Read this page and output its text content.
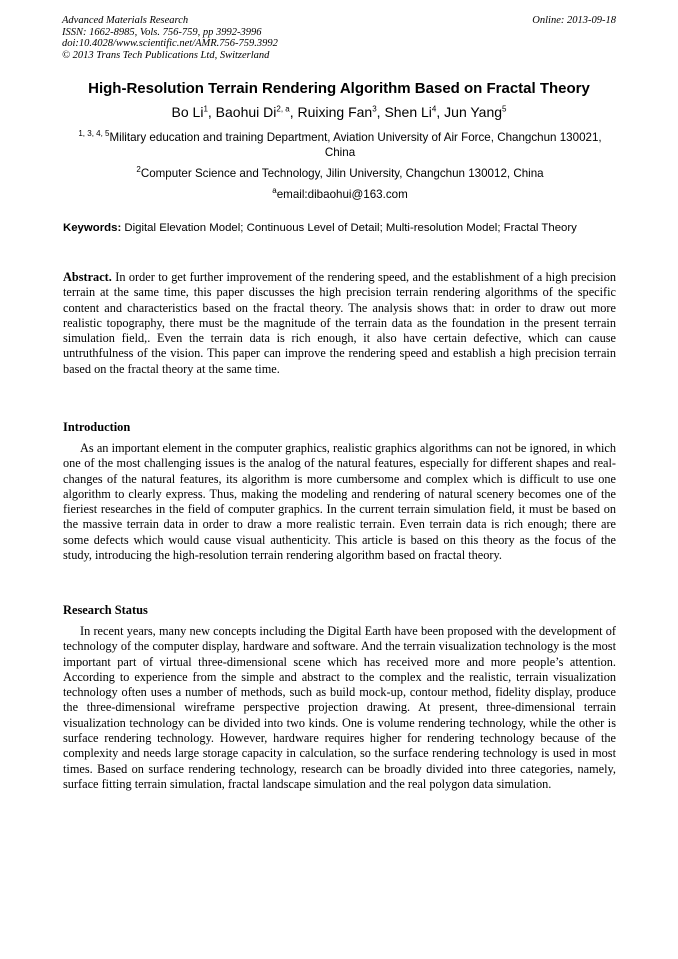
Advanced Materials Research
ISSN: 1662-8985, Vols. 756-759, pp 3992-3996
doi:10.4028/www.scientific.net/AMR.756-759.3992
© 2013 Trans Tech Publications Ltd, Switzerland
Online: 2013-09-18
High-Resolution Terrain Rendering Algorithm Based on Fractal Theory
Bo Li$^1$, Baohui Di$^{2, a}$, Ruixing Fan$^3$, Shen Li$^4$, Jun Yang$^5$
$^{1, 3, 4, 5}$Military education and training Department, Aviation University of Air Force, Changchun 130021, China
$^2$Computer Science and Technology, Jilin University, Changchun 130012, China
$^a$email:dibaohui@163.com
Keywords: Digital Elevation Model; Continuous Level of Detail; Multi-resolution Model; Fractal Theory

Abstract. In order to get further improvement of the rendering speed, and the establishment of a high precision terrain at the same time, this paper discusses the high precision terrain rendering algorithms of the specific content and characteristics based on the fractal theory. The analysis shows that: in order to draw out more realistic topography, there must be the magnitude of the terrain data as the foundation in the present terrain simulation field,. Even the terrain data is rich enough, it also have certain defective, which can cause untruthfulness of the vision. This paper can improve the rendering speed and establish a high precision terrain based on the fractal theory at the same time.

Introduction

As an important element in the computer graphics, realistic graphics algorithms can not be ignored, in which one of the most challenging issues is the analog of the natural features, especially for different shapes and real-changes of the natural features, its algorithm is more cumbersome and complex which is difficult to use one algorithm to clearly express. Thus, making the modeling and rendering of natural scenery becomes one of the fieriest researches in the field of computer graphics. In the current terrain simulation field, it must be based on the massive terrain data in order to draw a more realistic terrain. Even terrain data is rich enough; there are some defects which would cause visual authenticity. This article is based on this theory as the focus of the study, introducing the high-resolution terrain rendering algorithm based on fractal theory.

Research Status

In recent years, many new concepts including the Digital Earth have been proposed with the development of technology of the computer display, hardware and software. And the terrain visualization technology is the most important part of virtual three-dimensional scene which has received more and more people’s attention. According to experience from the simple and abstract to the complex and the realistic, terrain visualization technology often uses a number of methods, such as build mock-up, contour method, fidelity display, produce the three-dimensional wireframe perspective projection drawing. At present, three-dimensional terrain visualization technology can be divided into two kinds. One is volume rendering technology, while the other is surface rendering technology. However, hardware requires higher for rendering technology because of the complexity and needs large storage capacity in calculation, so the surface rendering technology is used in most times. Based on surface rendering technology, research can be broadly divided into three categories, namely, surface fitting terrain simulation, fractal landscape simulation and the real polygon data simulation.
